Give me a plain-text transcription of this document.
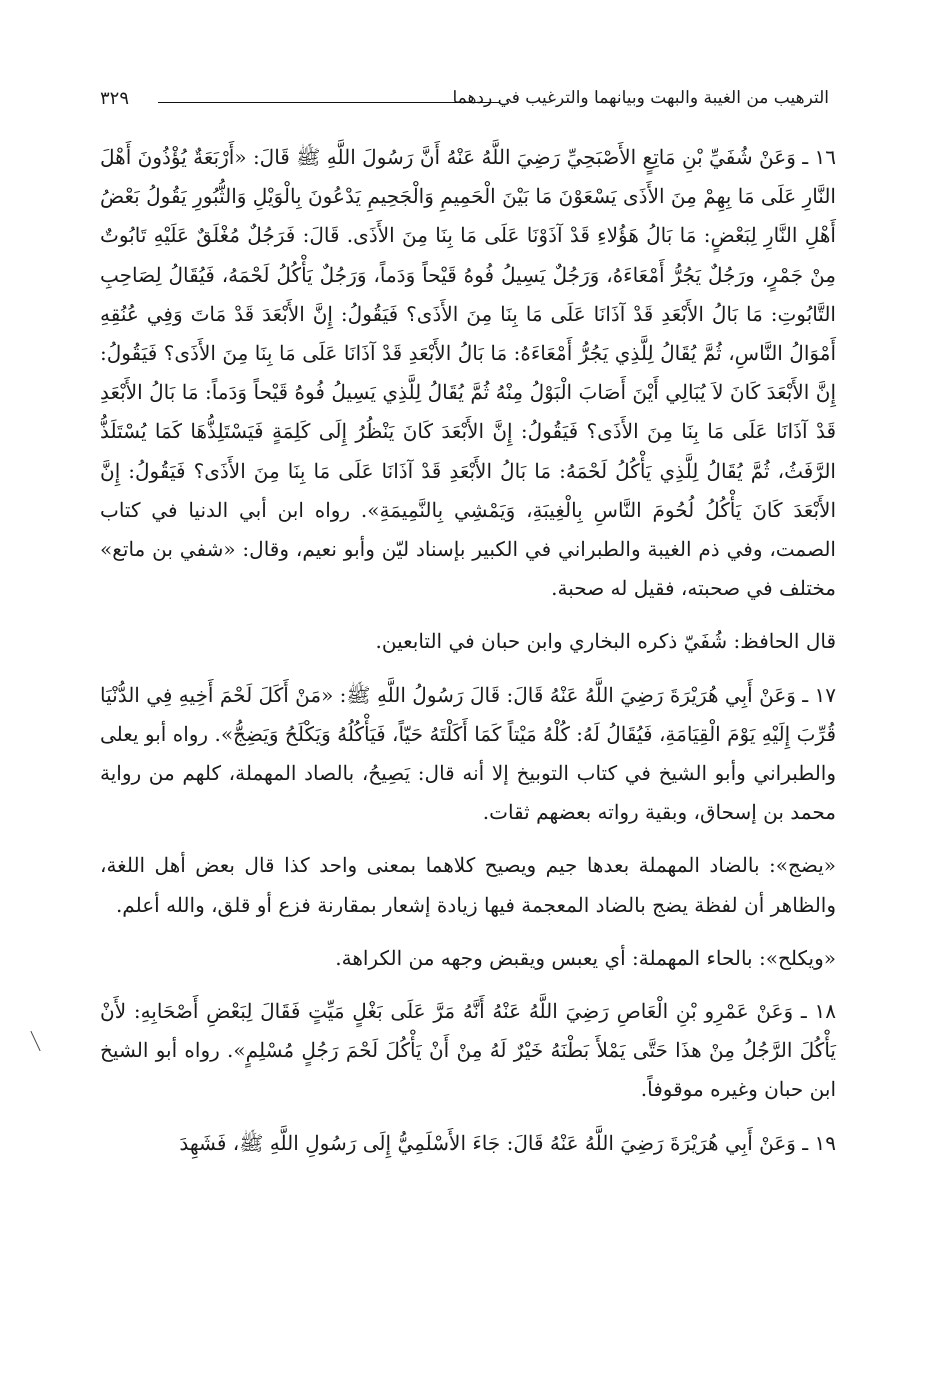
الترهيب من الغيبة والبهت وبيانهما والترغيب في ردهما
٣٢٩

١٦ ـ وَعَنْ شُفَيِّ بْنِ مَاتِعٍ الأَصْبَحِيِّ رَضِيَ اللَّهُ عَنْهُ أَنَّ رَسُولَ اللَّهِ ﷺ قَالَ: «أَرْبَعَةٌ يُؤْذُونَ أَهْلَ النَّارِ عَلَى مَا بِهِمْ مِنَ الأَذَى يَسْعَوْنَ مَا بَيْنَ الْحَمِيمِ وَالْجَحِيمِ يَدْعُونَ بِالْوَيْلِ وَالثُّبُورِ يَقُولُ بَعْضُ أَهْلِ النَّارِ لِبَعْضٍ: مَا بَالُ هَؤُلاءِ قَدْ آذَوْنَا عَلَى مَا بِنَا مِنَ الأَذَى. قَالَ: فَرَجُلٌ مُغْلَقٌ عَلَيْهِ تَابُوتٌ مِنْ جَمْرٍ، ورَجُلٌ يَجُرُّ أَمْعَاءَهُ، وَرَجُلٌ يَسِيلُ فُوهُ قَيْحاً وَدَماً، وَرَجُلٌ يَأْكُلُ لَحْمَهُ، فَيُقَالُ لِصَاحِبِ التَّابُوتِ: مَا بَالُ الأَبْعَدِ قَدْ آذَانَا عَلَى مَا بِنَا مِنَ الأَذَى؟ فَيَقُولُ: إِنَّ الأَبْعَدَ قَدْ مَاتَ وَفِي عُنُقِهِ أَمْوَالُ النَّاسِ، ثُمَّ يُقَالُ لِلَّذِي يَجُرُّ أَمْعَاءَهُ: مَا بَالُ الأَبْعَدِ قَدْ آذَانَا عَلَى مَا بِنَا مِنَ الأَذَى؟ فَيَقُولُ: إِنَّ الأَبْعَدَ كَانَ لاَ يُبَالِي أَيْنَ أَصَابَ الْبَوْلُ مِنْهُ ثُمَّ يُقَالُ لِلَّذِي يَسِيلُ فُوهُ قَيْحاً وَدَماً: مَا بَالُ الأَبْعَدِ قَدْ آذَانَا عَلَى مَا بِنَا مِنَ الأَذَى؟ فَيَقُولُ: إِنَّ الأَبْعَدَ كَانَ يَنْظُرُ إِلَى كَلِمَةٍ فَيَسْتَلِذُّهَا كَمَا يُسْتَلَذُّ الرَّفَثُ، ثُمَّ يُقَالُ لِلَّذِي يَأْكُلُ لَحْمَهُ: مَا بَالُ الأَبْعَدِ قَدْ آذَانَا عَلَى مَا بِنَا مِنَ الأَذَى؟ فَيَقُولُ: إِنَّ الأَبْعَدَ كَانَ يَأْكُلُ لُحُومَ النَّاسِ بِالْغِيبَةِ، وَيَمْشِي بِالنَّمِيمَةِ». رواه ابن أبي الدنيا في كتاب الصمت، وفي ذم الغيبة والطبراني في الكبير بإسناد ليّن وأبو نعيم، وقال: «شفي بن ماتع» مختلف في صحبته، فقيل له صحبة.

قال الحافظ: شُفَيّ ذكره البخاري وابن حبان في التابعين.

١٧ ـ وَعَنْ أَبِي هُرَيْرَةَ رَضِيَ اللَّهُ عَنْهُ قَالَ: قَالَ رَسُولُ اللَّهِ ﷺ: «مَنْ أَكَلَ لَحْمَ أَخِيهِ فِي الدُّنْيَا قُرِّبَ إِلَيْهِ يَوْمَ الْقِيَامَةِ، فَيُقَالُ لَهُ: كُلْهُ مَيْتاً كَمَا أَكَلْتَهُ حَيّاً، فَيَأْكُلُهُ وَيَكْلَحُ وَيَضِجُّ». رواه أبو يعلى والطبراني وأبو الشيخ في كتاب التوبيخ إلا أنه قال: يَصِيحُ، بالصاد المهملة، كلهم من رواية محمد بن إسحاق، وبقية رواته بعضهم ثقات.

«يضج»: بالضاد المهملة بعدها جيم ويصيح كلاهما بمعنى واحد كذا قال بعض أهل اللغة، والظاهر أن لفظة يضج بالضاد المعجمة فيها زيادة إشعار بمقارنة فزع أو قلق، والله أعلم.

«ويكلح»: بالحاء المهملة: أي يعبس ويقبض وجهه من الكراهة.

١٨ ـ وَعَنْ عَمْرِو بْنِ الْعَاصِ رَضِيَ اللَّهُ عَنْهُ أَنَّهُ مَرَّ عَلَى بَغْلٍ مَيِّتٍ فَقَالَ لِبَعْضِ أَصْحَابِهِ: لأَنْ يَأْكُلَ الرَّجُلُ مِنْ هذَا حَتَّى يَمْلأَ بَطْنَهُ خَيْرٌ لَهُ مِنْ أَنْ يَأْكُلَ لَحْمَ رَجُلٍ مُسْلِمٍ». رواه أبو الشيخ ابن حبان وغيره موقوفاً.

١٩ ـ وَعَنْ أَبِي هُرَيْرَةَ رَضِيَ اللَّهُ عَنْهُ قَالَ: جَاءَ الأَسْلَمِيُّ إِلَى رَسُولِ اللَّهِ ﷺ، فَشَهِدَ
